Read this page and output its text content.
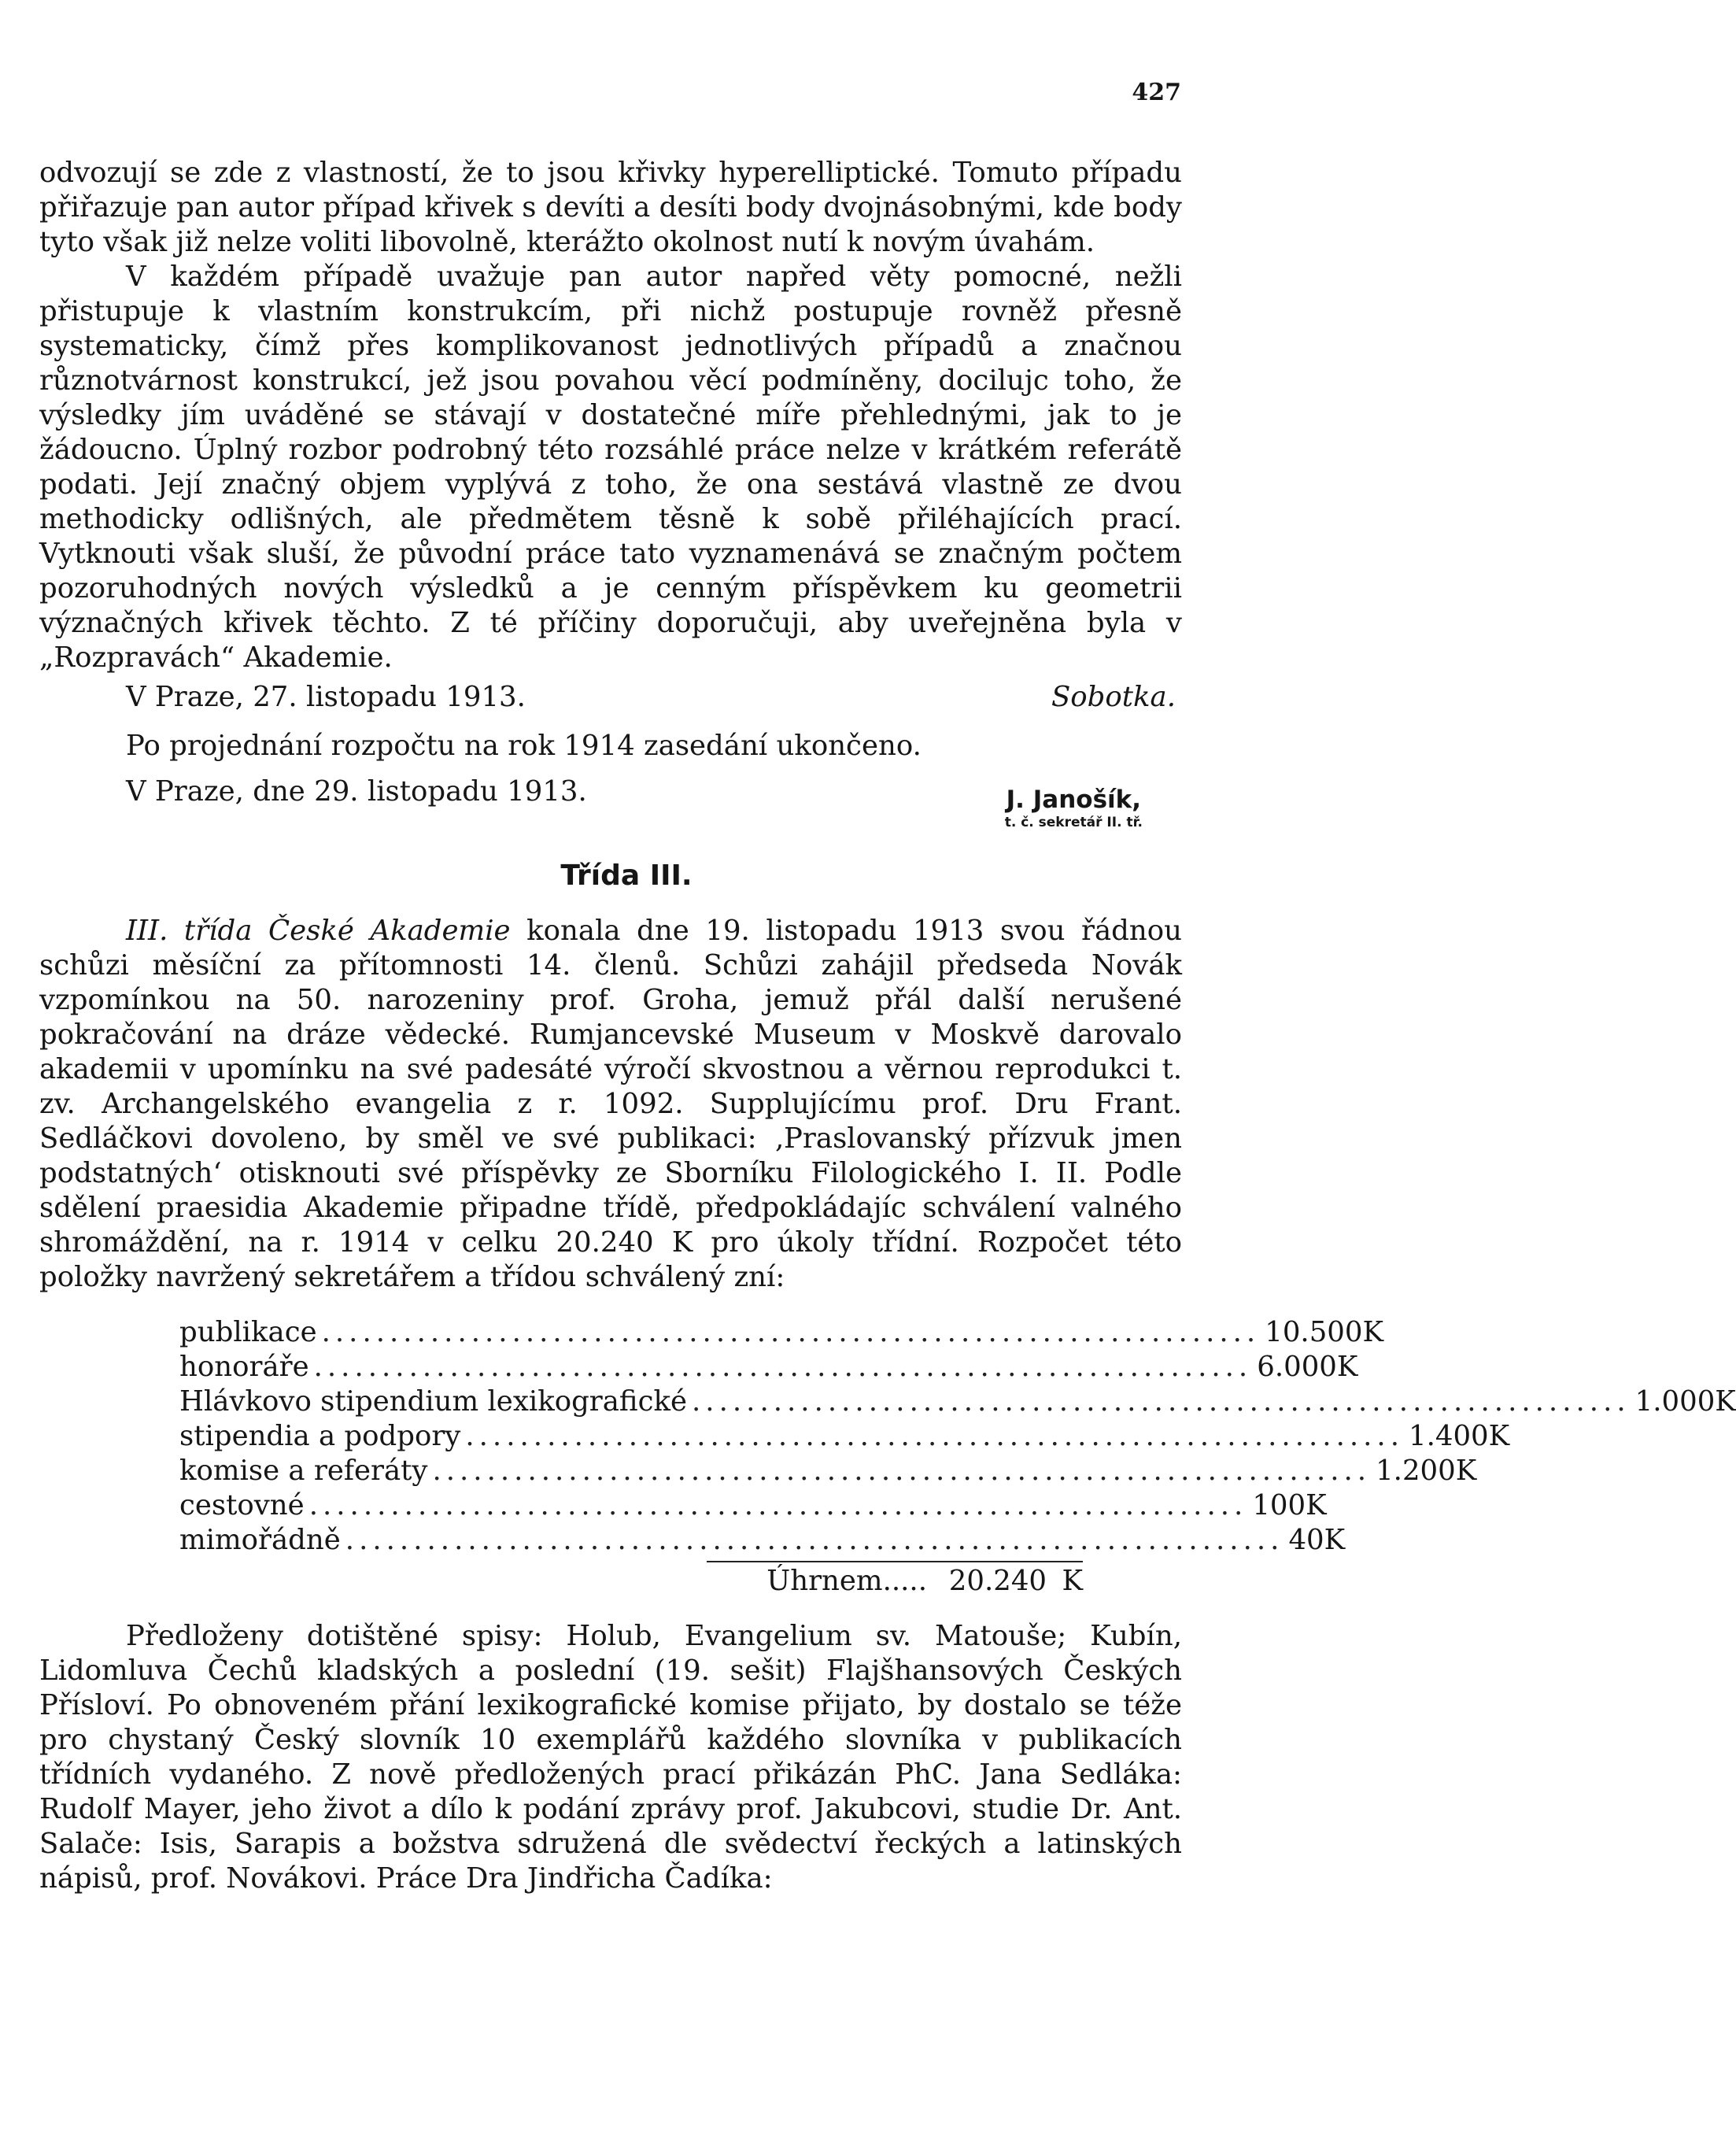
427

odvozují se zde z vlastností, že to jsou křivky hyperelliptické. Tomuto případu přiřazuje pan autor případ křivek s devíti a desíti body dvojnásobnými, kde body tyto však již nelze voliti libovolně, kterážto okolnost nutí k novým úvahám.

V každém případě uvažuje pan autor napřed věty pomocné, nežli přistupuje k vlastním konstrukcím, při nichž postupuje rovněž přesně systematicky, čímž přes komplikovanost jednotlivých případů a značnou různotvárnost konstrukcí, jež jsou povahou věcí podmíněny, docilujc toho, že výsledky jím uváděné se stávají v dostatečné míře přehlednými, jak to je žádoucno. Úplný rozbor podrobný této rozsáhlé práce nelze v krátkém referátě podati. Její značný objem vyplývá z toho, že ona sestává vlastně ze dvou methodicky odlišných, ale předmětem těsně k sobě přiléhajících prací. Vytknouti však sluší, že původní práce tato vyznamenává se značným počtem pozoruhodných nových výsledků a je cenným příspěvkem ku geometrii význačných křivek těchto. Z té příčiny doporučuji, aby uveřejněna byla v „Rozpravách“ Akademie.

V Praze, 27. listopadu 1913.	Sobotka.
Po projednání rozpočtu na rok 1914 zasedání ukončeno.
V Praze, dne 29. listopadu 1913.	J. Janošík,
t. č. sekretář II. tř.
Třída III.

III. třída České Akademie konala dne 19. listopadu 1913 svou řádnou schůzi měsíční za přítomnosti 14. členů. Schůzi zahájil předseda Novák vzpomínkou na 50. narozeniny prof. Groha, jemuž přál další nerušené pokračování na dráze vědecké. Rumjancevské Museum v Moskvě darovalo akademii v upomínku na své padesáté výročí skvostnou a věrnou reprodukci t. zv. Archangelského evangelia z r. 1092. Supplujícímu prof. Dru Frant. Sedláčkovi dovoleno, by směl ve své publikaci: ‚Praslovanský přízvuk jmen podstatných‘ otisknouti své příspěvky ze Sborníku Filologického I. II. Podle sdělení praesidia Akademie připadne třídě, předpokládajíc schválení valného shromáždění, na r. 1914 v celku 20.240 K pro úkoly třídní. Rozpočet této položky navržený sekretářem a třídou schválený zní:

publikace ..................................................................... 10.500 K
honoráře ..................................................................... 6.000 K
Hlávkovo stipendium lexikografické ..................................................................... 1.000 K
stipendia a podpory ..................................................................... 1.400 K
komise a referáty ..................................................................... 1.200 K
cestovné ..................................................................... 100 K
mimořádně ..................................................................... 40 K
Úhrnem..... 20.240 K

Předloženy dotištěné spisy: Holub, Evangelium sv. Matouše; Kubín, Lidomluva Čechů kladských a poslední (19. sešit) Flajšhansových Českých Přísloví. Po obnoveném přání lexikografické komise přijato, by dostalo se téže pro chystaný Český slovník 10 exemplářů každého slovníka v publikacích třídních vydaného. Z nově předložených prací přikázán PhC. Jana Sedláka: Rudolf Mayer, jeho život a dílo k podání zprávy prof. Jakubcovi, studie Dr. Ant. Salače: Isis, Sarapis a božstva sdružená dle svědectví řeckých a latinských nápisů, prof. Novákovi. Práce Dra Jindřicha Čadíka:
